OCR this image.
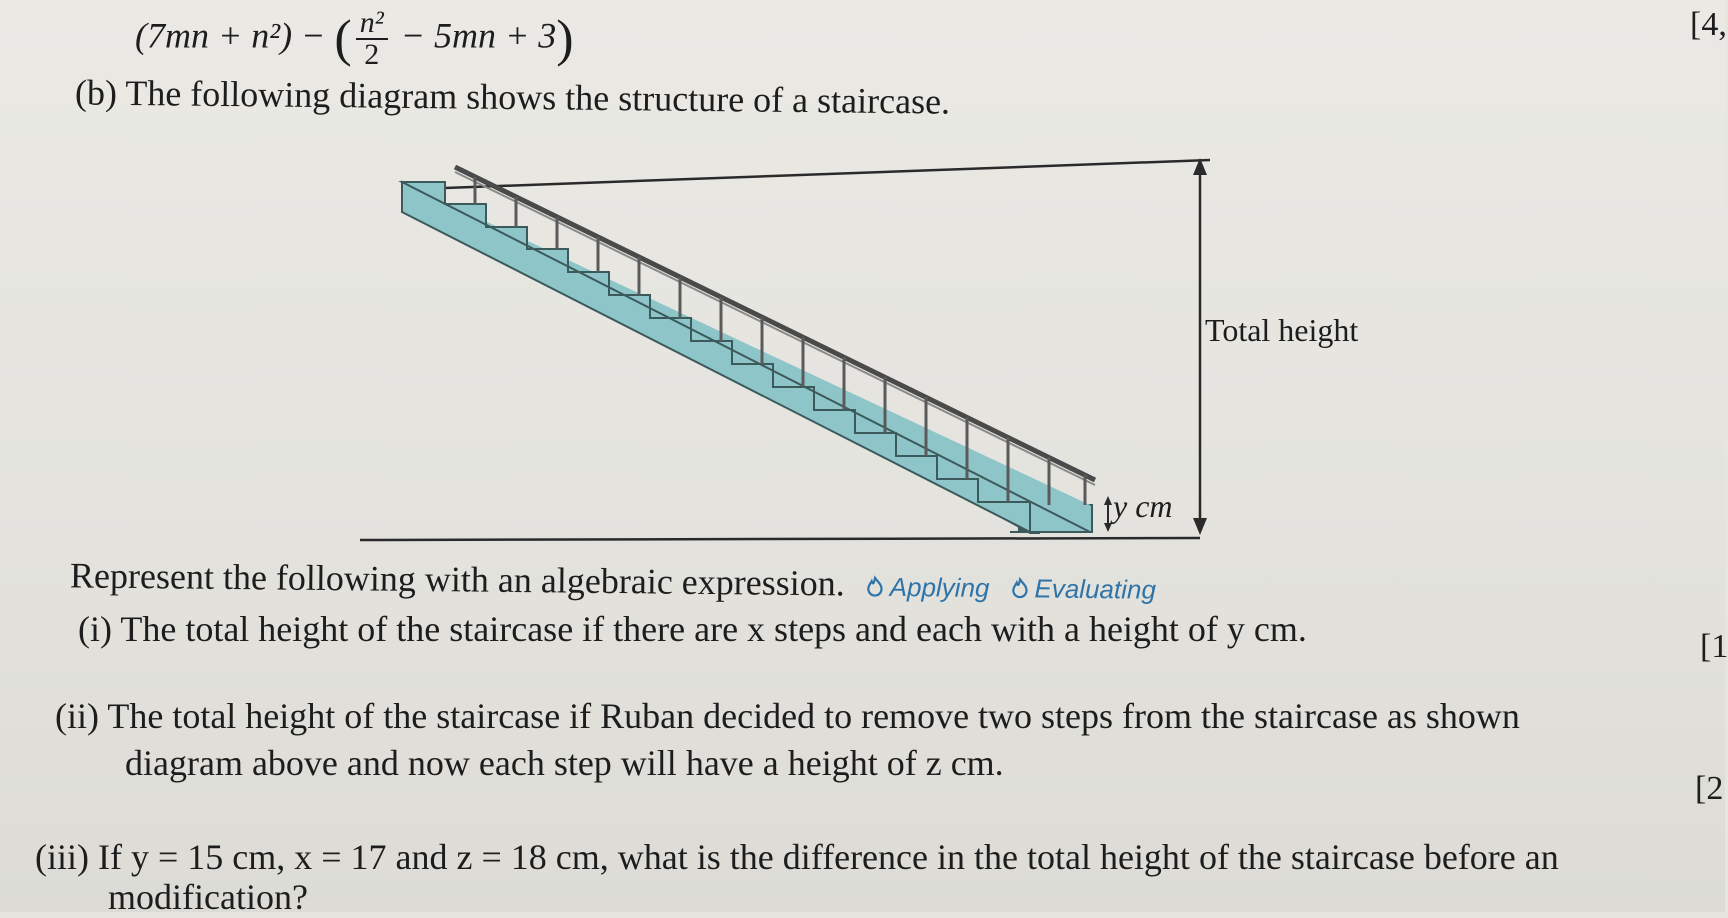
(7mn + n²) − ( $\frac{\text{n²}}{2} - 5mn + 3$)	[4,
(b) The following diagram shows the structure of a staircase.
Total height
y cm
Represent the following with an algebraic expression. Applying Evaluating
(i) The total height of the staircase if there are x steps and each with a height of y cm.	[1
(ii) The total height of the staircase if Ruban decided to remove two steps from the staircase as shown
diagram above and now each step will have a height of z cm.
[2
(iii) If y = 15 cm, x = 17 and z = 18 cm, what is the difference in the total height of the staircase before an
modification?
